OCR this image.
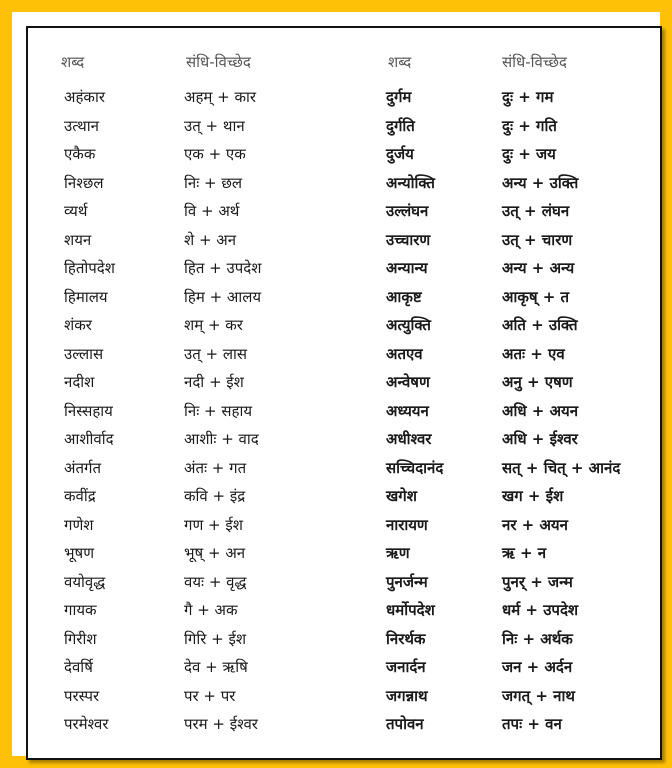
शब्द	संधि-विच्छेद	शब्द	संधि-विच्छेद
अहंकार	अहम् + कार	दुर्गम	दुः + गम
उत्थान	उत् + थान	दुर्गति	दुः + गति
एकैक	एक + एक	दुर्जय	दुः + जय
निश्छल	निः + छल	अन्योक्ति	अन्य + उक्ति
व्यर्थ	वि + अर्थ	उल्लंघन	उत् + लंघन
शयन	शे + अन	उच्चारण	उत् + चारण
हितोपदेश	हित + उपदेश	अन्यान्य	अन्य + अन्य
हिमालय	हिम + आलय	आकृष्ट	आकृष् + त
शंकर	शम् + कर	अत्युक्ति	अति + उक्ति
उल्लास	उत् + लास	अतएव	अतः + एव
नदीश	नदी + ईश	अन्वेषण	अनु + एषण
निस्सहाय	निः + सहाय	अध्ययन	अधि + अयन
आशीर्वाद	आशीः + वाद	अधीश्वर	अधि + ईश्वर
अंतर्गत	अंतः + गत	सच्चिदानंद	सत् + चित् + आनंद
कवींद्र	कवि + इंद्र	खगेश	खग + ईश
गणेश	गण + ईश	नारायण	नर + अयन
भूषण	भूष् + अन	ऋण	ऋ + न
वयोवृद्ध	वयः + वृद्ध	पुनर्जन्म	पुनर् + जन्म
गायक	गै + अक	धर्मोपदेश	धर्म + उपदेश
गिरीश	गिरि + ईश	निरर्थक	निः + अर्थक
देवर्षि	देव + ऋषि	जनार्दन	जन + अर्दन
परस्पर	पर + पर	जगन्नाथ	जगत् + नाथ
परमेश्वर	परम + ईश्वर	तपोवन	तपः + वन
